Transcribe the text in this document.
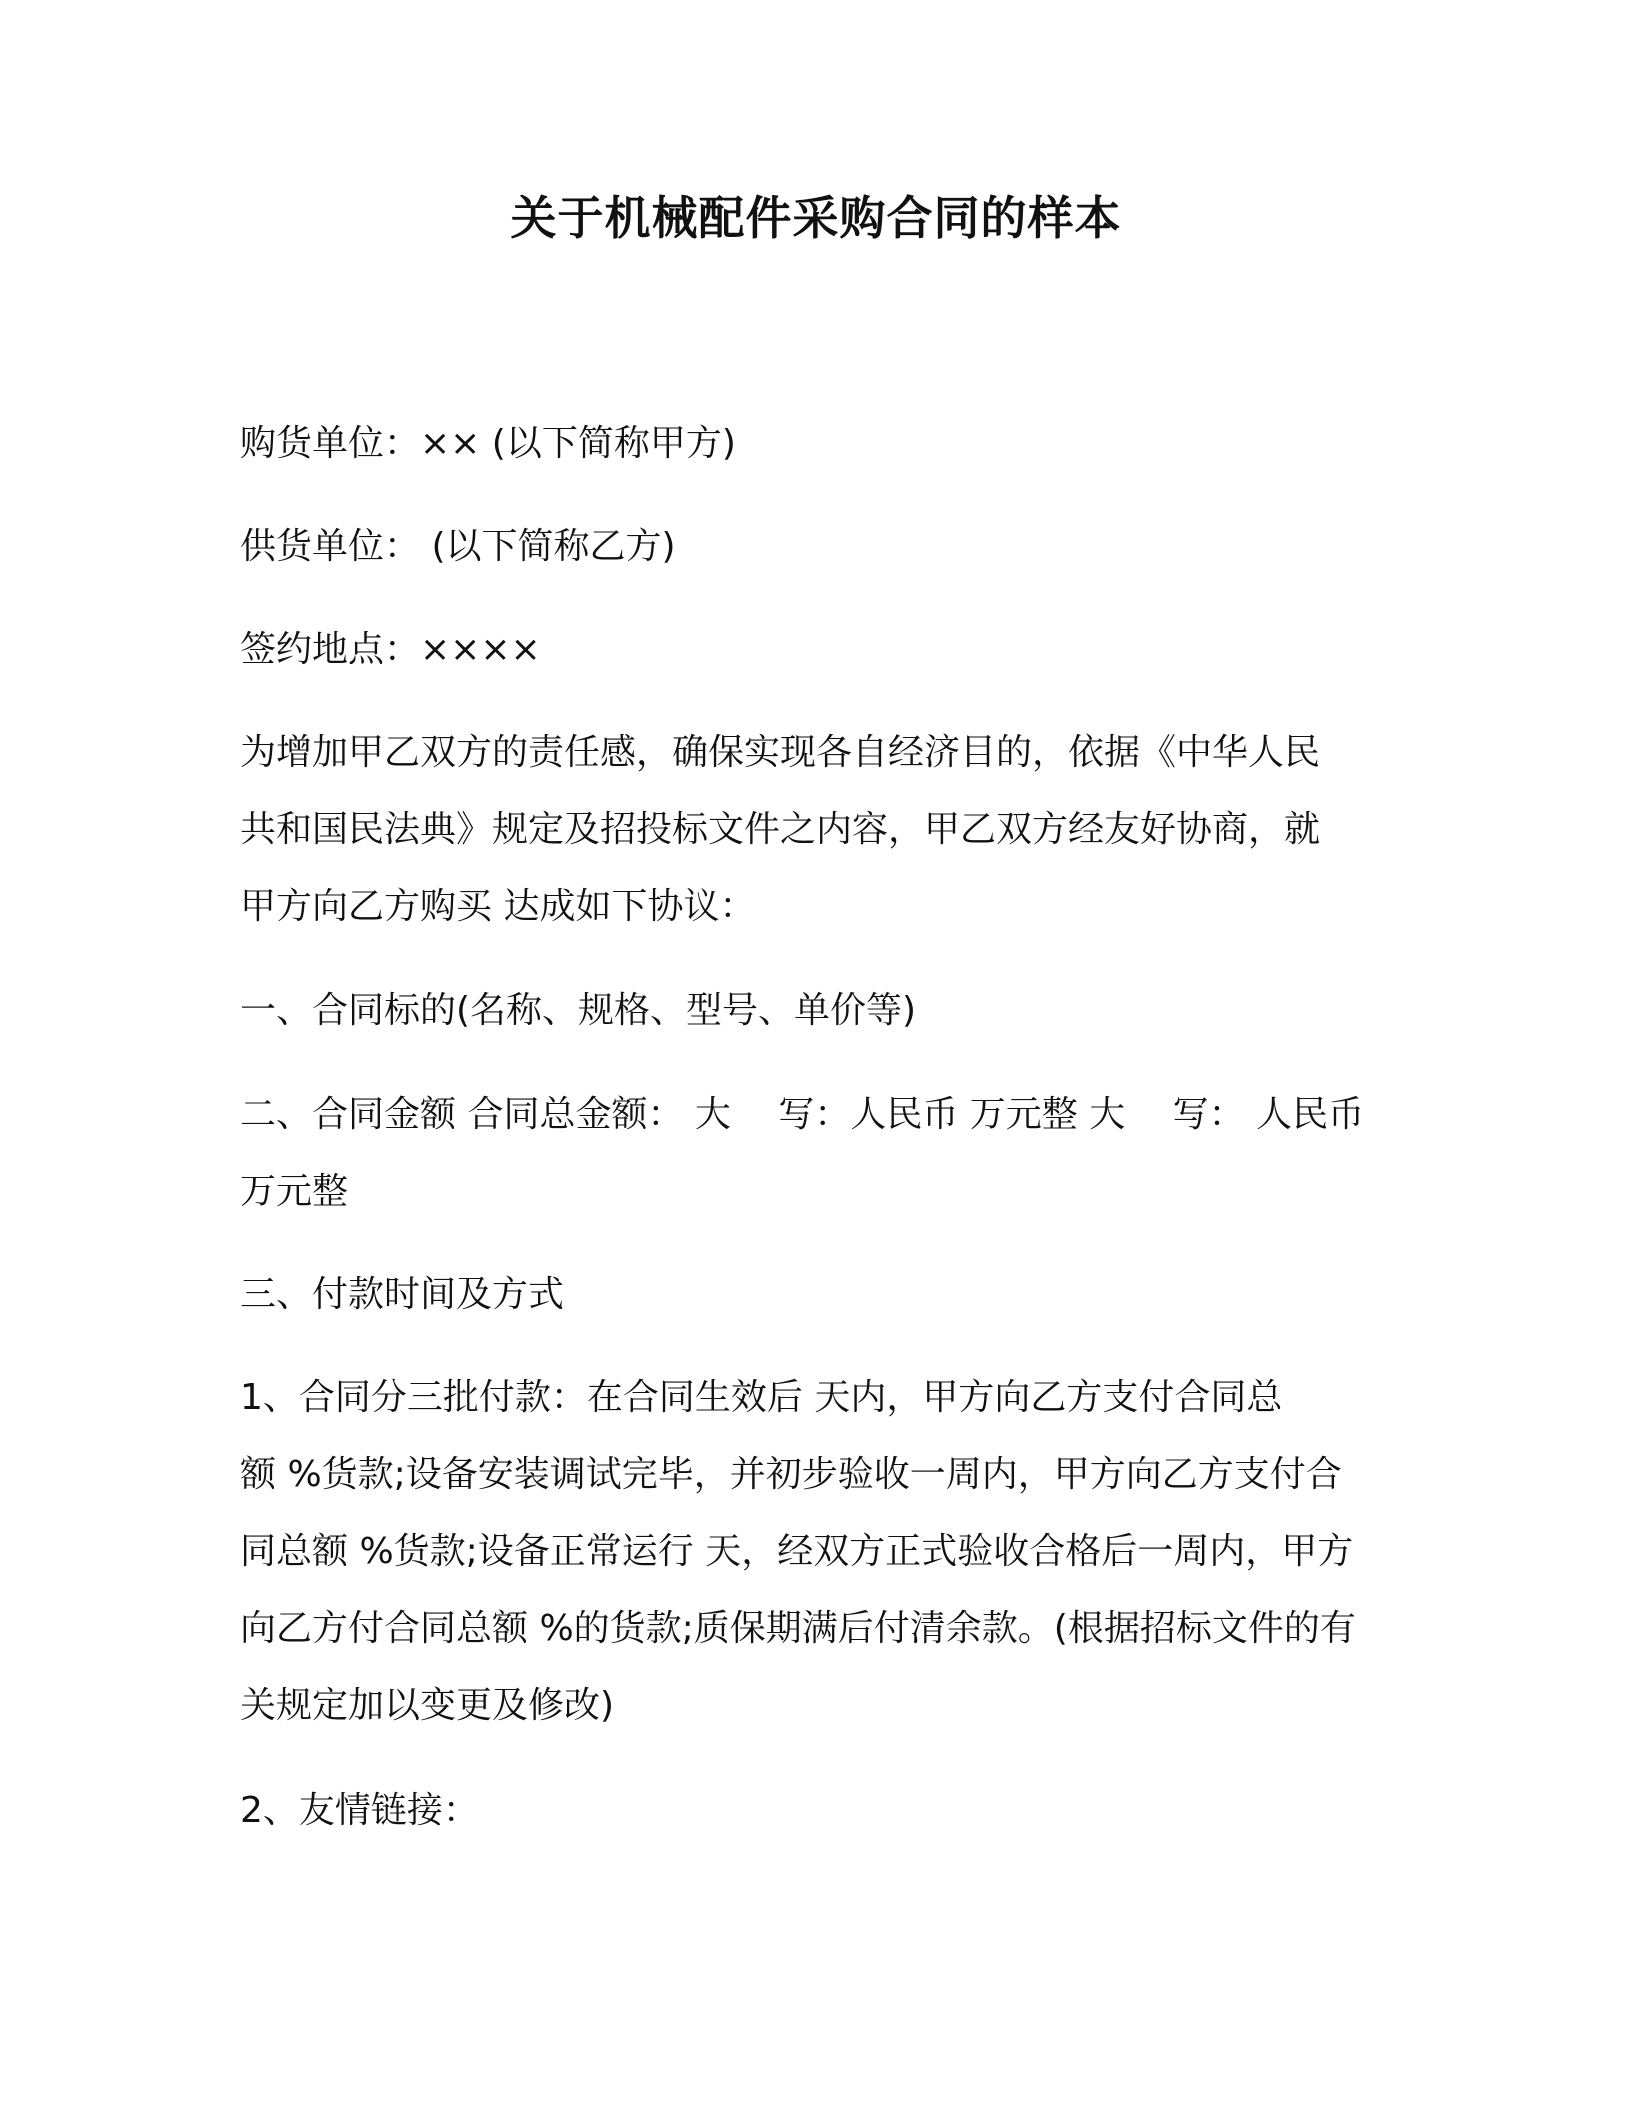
关于机械配件采购合同的样本

购货单位：×× (以下简称甲方)

供货单位： (以下简称乙方)

签约地点：××××

为增加甲乙双方的责任感，确保实现各自经济目的，依据《中华人民
共和国民法典》规定及招投标文件之内容，甲乙双方经友好协商，就
甲方向乙方购买 达成如下协议：

一、合同标的(名称、规格、型号、单价等)

二、合同金额 合同总金额： 大　 写：人民币 万元整 大　 写： 人民币
万元整

三、付款时间及方式

1、合同分三批付款：在合同生效后 天内，甲方向乙方支付合同总
额 %货款;设备安装调试完毕，并初步验收一周内，甲方向乙方支付合
同总额 %货款;设备正常运行 天，经双方正式验收合格后一周内，甲方
向乙方付合同总额 %的货款;质保期满后付清余款。(根据招标文件的有
关规定加以变更及修改)

2、友情链接：
